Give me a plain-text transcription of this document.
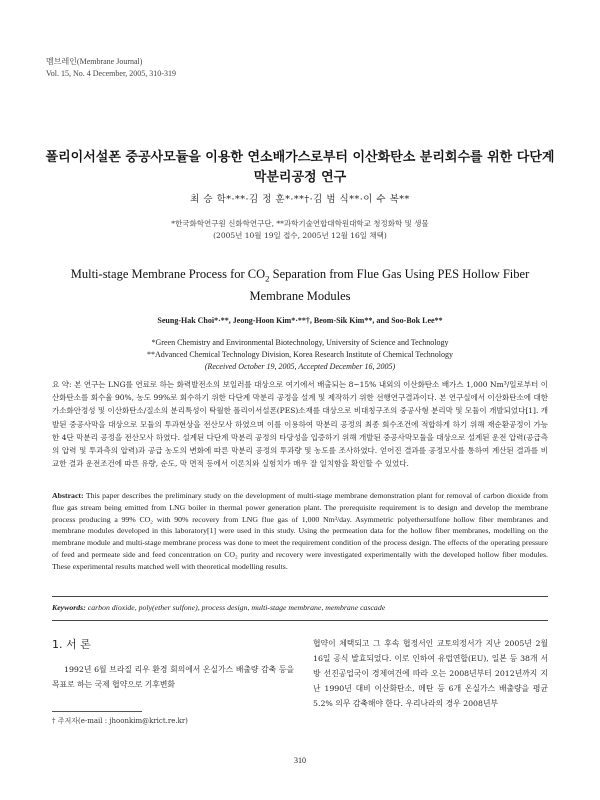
멤브레인(Membrane Journal)
Vol. 15, No. 4 December, 2005, 310-319
폴리이서설폰 중공사모듈을 이용한 연소배가스로부터 이산화탄소 분리회수를 위한 다단계
막분리공정 연구
최 승 학*·**·김 정 훈*·**†·김 범 식**·이 수 복**
*한국화학연구원 신화학연구단, **과학기술연합대학원대학교 청정화학 및 생물
(2005년 10월 19일 접수, 2005년 12월 16일 채택)
Multi-stage Membrane Process for $CO_2$ Separation from Flue Gas Using PES Hollow Fiber
Membrane Modules
Seung-Hak Choi*·**, Jeong-Hoon Kim*·**†, Beom-Sik Kim**, and Soo-Bok Lee**
*Green Chemistry and Environmental Biotechnology, University of Science and Technology
**Advanced Chemical Technology Division, Korea Research Institute of Chemical Technology
(Received October 19, 2005, Accepted December 16, 2005)
요 약: 본 연구는 LNG를 연료로 하는 화력발전소의 보일러를 대상으로 여기에서 배출되는 8~15% 내외의 이산화탄소 배가스 1,000 Nm³/일로부터 이산화탄소를 회수율 90%, 농도 99%로 회수하기 위한 다단계 막분리 공정을 설계 및 제작하기 위한 선행연구결과이다. 본 연구실에서 이산화탄소에 대한 가소화안정성 및 이산화탄소/질소의 분리특성이 탁월한 폴리이서설폰(PES)소재를 대상으로 비대칭구조의 중공사형 분리막 및 모듈이 개발되었다[1]. 개발된 중공사막을 대상으로 모듈의 투과현상을 전산모사 하였으며 이를 이용하여 막분리 공정의 최종 회수조건에 적합하게 하기 위해 재순환공정이 가능한 4단 막분리 공정을 전산모사 하였다. 설계된 다단계 막분리 공정의 타당성을 입증하기 위해 개발된 중공사막모듈을 대상으로 설계된 운전 압력(공급측의 압력 및 투과측의 압력)과 공급 농도의 변화에 따른 막분리 공정의 투과량 및 농도를 조사하였다. 얻어진 결과를 공정모사를 통하여 계산된 결과를 비교한 결과 운전조건에 따른 유량, 순도, 막 면적 등에서 이론치와 실험치가 매우 잘 일치함을 확인할 수 있었다.
Abstract: This paper describes the preliminary study on the development of multi-stage membrane demonstration plant for removal of carbon dioxide from flue gas stream being emitted from LNG boiler in thermal power generation plant. The prerequisite requirement is to design and develop the membrane process producing a 99% CO₂ with 90% recovery from LNG flue gas of 1,000 Nm³/day. Asymmetric polyethersulfone hollow fiber membranes and membrane modules developed in this laboratory[1] were used in this study. Using the permeation data for the hollow fiber membranes, modelling on the membrane module and multi-stage membrane process was done to meet the requirement condition of the process design. The effects of the operating pressure of feed and permeate side and feed concentration on CO₂ purity and recovery were investigated experimentally with the developed hollow fiber modules. These experimental results matched well with theoretical modelling results.
Keywords: carbon dioxide, poly(ether sulfone), process design, multi-stage membrane, membrane cascade
1. 서 론
1992년 6월 브라질 리우 환경 회의에서 온실가스 배출량 감축 등을 목표로 하는 국제 협약으로 기후변화
협약이 체택되고 그 후속 협정서인 교토의정서가 지난 2005년 2월 16일 공식 발효되었다. 이로 인하여 유럽연합(EU), 일본 등 38개 서방 선진공업국이 경제여건에 따라 오는 2008년부터 2012년까지 지난 1990년 대비 이산화탄소, 메탄 등 6개 온실가스 배출량을 평균 5.2% 의무 감축해야 한다. 우리나라의 경우 2008년부
† 주저자(e-mail : jhoonkim@krict.re.kr)
310
